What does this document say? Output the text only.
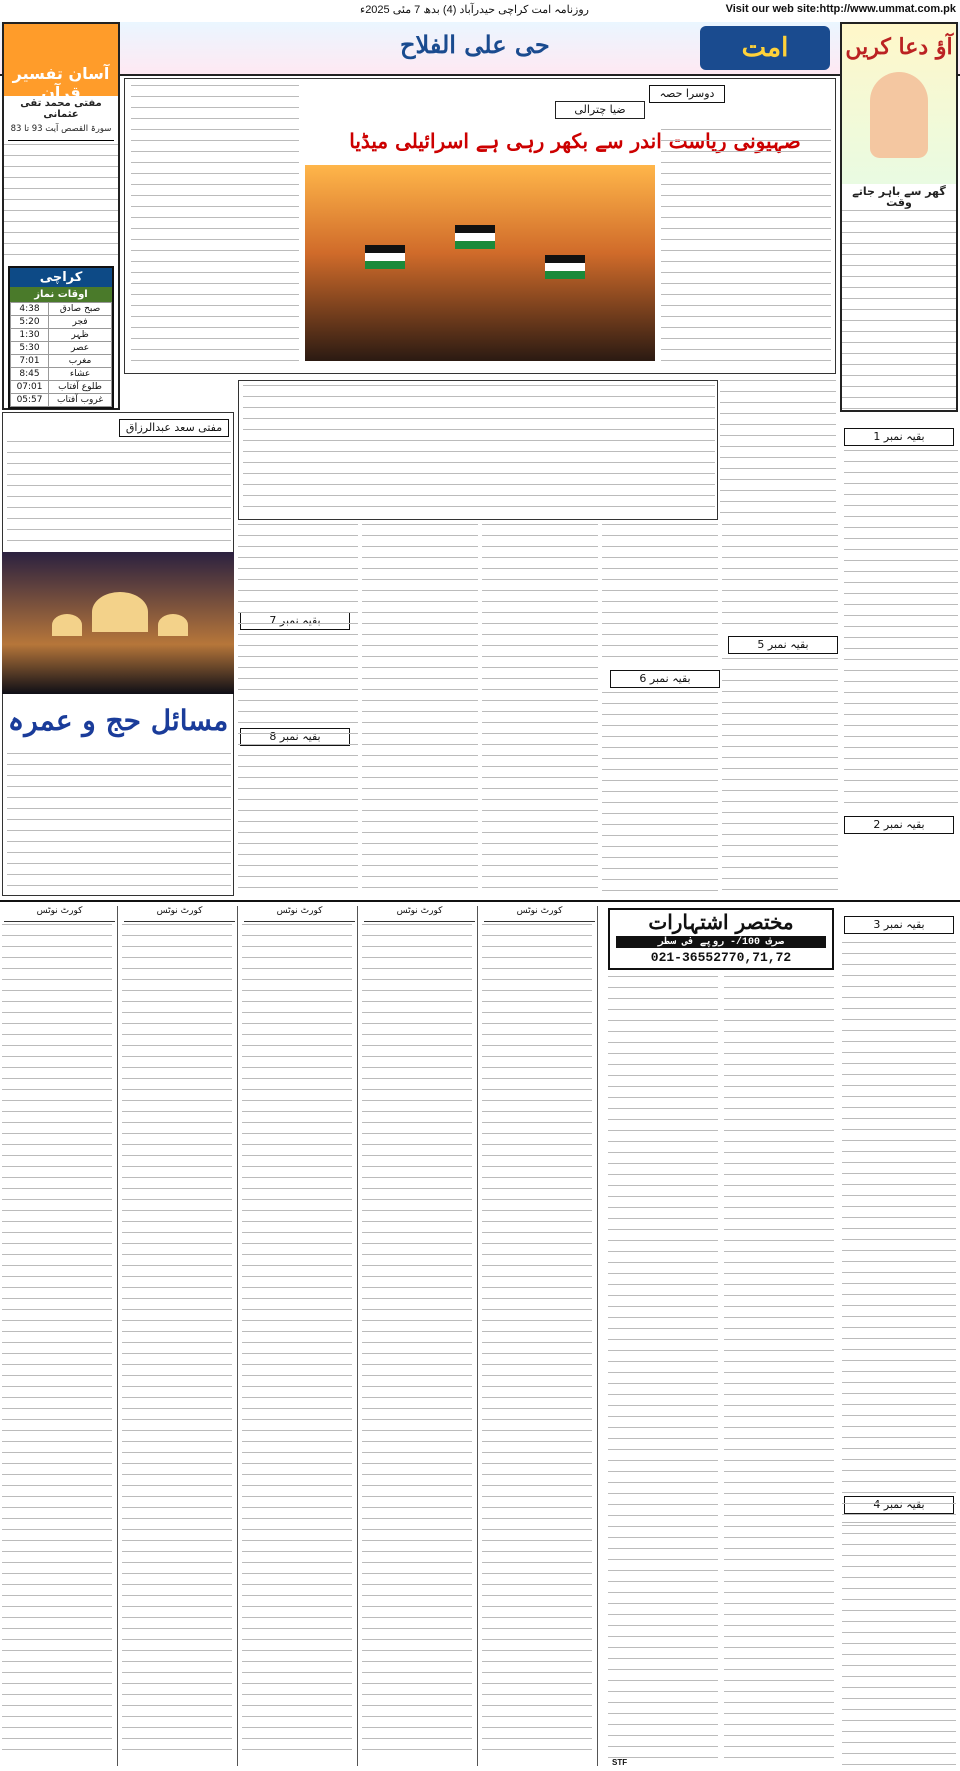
روزنامہ امت کراچی حیدرآباد (4) بدھ 7 مئی 2025ء	Visit our web site:http://www.ummat.com.pk
حی علی الفلاح	امت
آسان تفسیر قرآن
مفتی محمد تقی عثمانی
سورۃ القصص آیت 93 تا 83
کراچی
اوقات نماز
4:38	صبح صادق
5:20	فجر
1:30	ظہر
5:30	عصر
7:01	مغرب
8:45	عشاء
07:01	طلوع آفتاب
05:57	غروب آفتاب
آؤ دعا کریں
گھر سے باہر جاتے وقت
دوسرا حصہ
ضیا چترالی
صہیونی ریاست اندر سے بکھر رہی ہے اسرائیلی میڈیا
مفتی سعد عبدالرزاق
مسائل حج و عمرہ
بقیہ نمبر 1
بقیہ نمبر 2
بقیہ نمبر 5
بقیہ نمبر 6
بقیہ نمبر 7
بقیہ نمبر 8
بقیہ نمبر 3
بقیہ نمبر 4
کورٹ نوٹس	کورٹ نوٹس	کورٹ نوٹس	کورٹ نوٹس	کورٹ نوٹس	مختصر اشتہارات
صرف 100/- روپے فی سطر
021-36552770,71,72
STF
